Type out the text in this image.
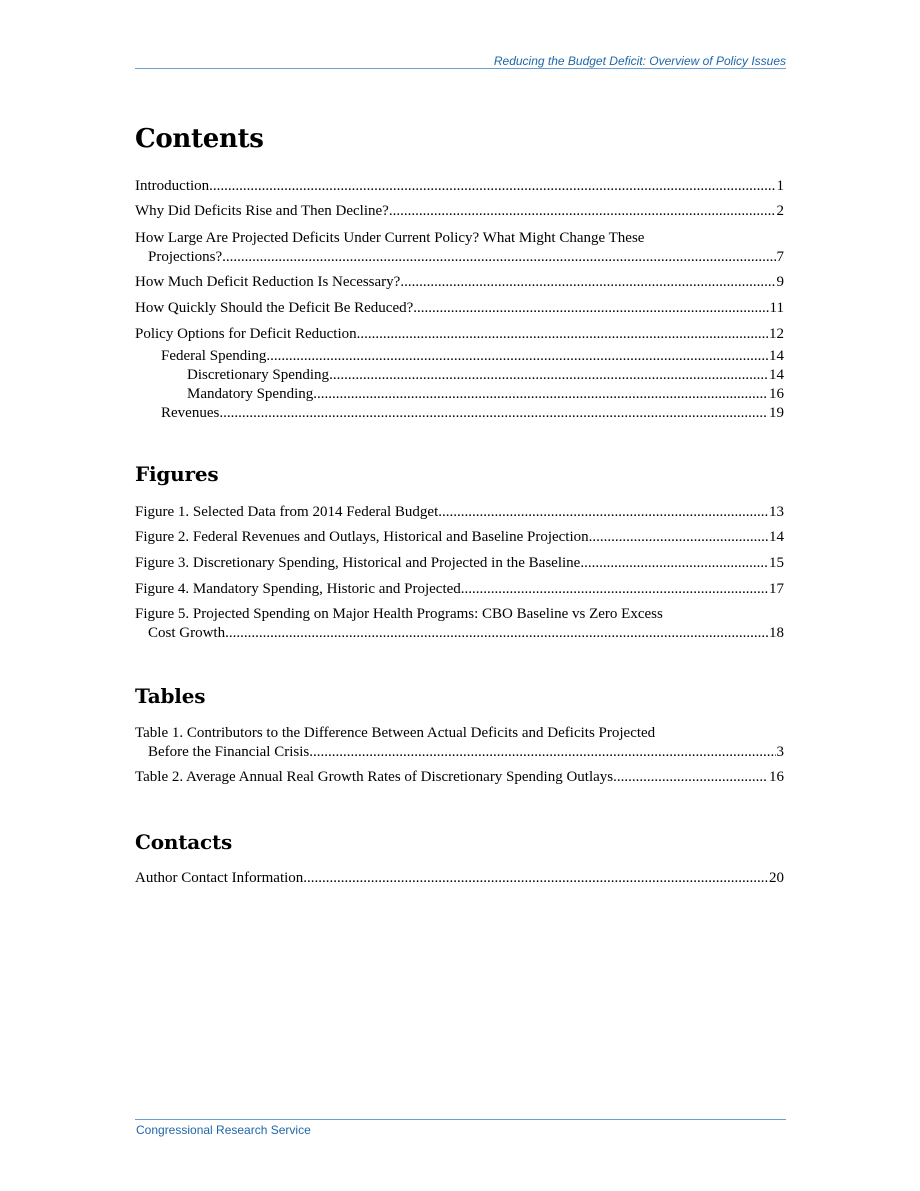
Reducing the Budget Deficit: Overview of Policy Issues
Contents
Introduction .....	1
Why Did Deficits Rise and Then Decline? .....	2
How Large Are Projected Deficits Under Current Policy? What Might Change These
Projections? .....	7
How Much Deficit Reduction Is Necessary? .....	9
How Quickly Should the Deficit Be Reduced? .....	11
Policy Options for Deficit Reduction .....	12
Federal Spending .....	14
Discretionary Spending .....	14
Mandatory Spending .....	16
Revenues .....	19
Figures
Figure 1. Selected Data from 2014 Federal Budget .....	13
Figure 2. Federal Revenues and Outlays, Historical and Baseline Projection .....	14
Figure 3. Discretionary Spending, Historical and Projected in the Baseline .....	15
Figure 4. Mandatory Spending, Historic and Projected .....	17
Figure 5. Projected Spending on Major Health Programs: CBO Baseline vs Zero Excess
Cost Growth .....	18
Tables
Table 1. Contributors to the Difference Between Actual Deficits and Deficits Projected
Before the Financial Crisis .....	3
Table 2. Average Annual Real Growth Rates of Discretionary Spending Outlays .....	16
Contacts
Author Contact Information .....	20
Congressional Research Service
